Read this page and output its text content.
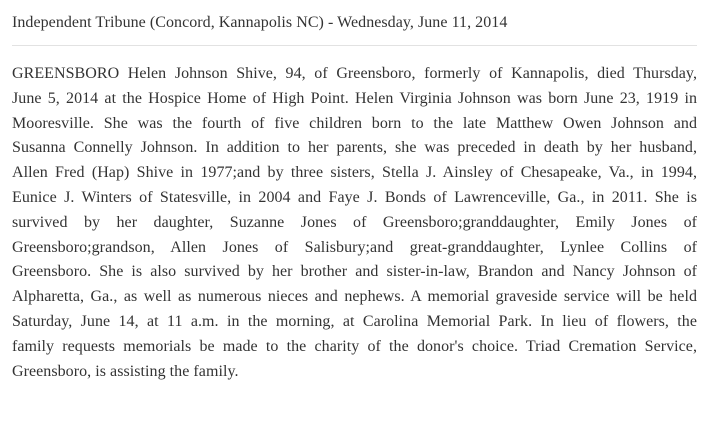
Independent Tribune (Concord, Kannapolis NC) - Wednesday, June 11, 2014
GREENSBORO Helen Johnson Shive, 94, of Greensboro, formerly of Kannapolis, died Thursday,
June 5, 2014 at the Hospice Home of High Point. Helen Virginia Johnson was born June 23, 1919 in
Mooresville. She was the fourth of five children born to the late Matthew Owen Johnson and
Susanna Connelly Johnson. In addition to her parents, she was preceded in death by her husband,
Allen Fred (Hap) Shive in 1977;and by three sisters, Stella J. Ainsley of Chesapeake, Va., in 1994,
Eunice J. Winters of Statesville, in 2004 and Faye J. Bonds of Lawrenceville, Ga., in 2011. She is
survived by her daughter, Suzanne Jones of Greensboro;granddaughter, Emily Jones of
Greensboro;grandson, Allen Jones of Salisbury;and great-granddaughter, Lynlee Collins of
Greensboro. She is also survived by her brother and sister-in-law, Brandon and Nancy Johnson of
Alpharetta, Ga., as well as numerous nieces and nephews. A memorial graveside service will be held
Saturday, June 14, at 11 a.m. in the morning, at Carolina Memorial Park. In lieu of flowers, the
family requests memorials be made to the charity of the donor's choice. Triad Cremation Service,
Greensboro, is assisting the family.
